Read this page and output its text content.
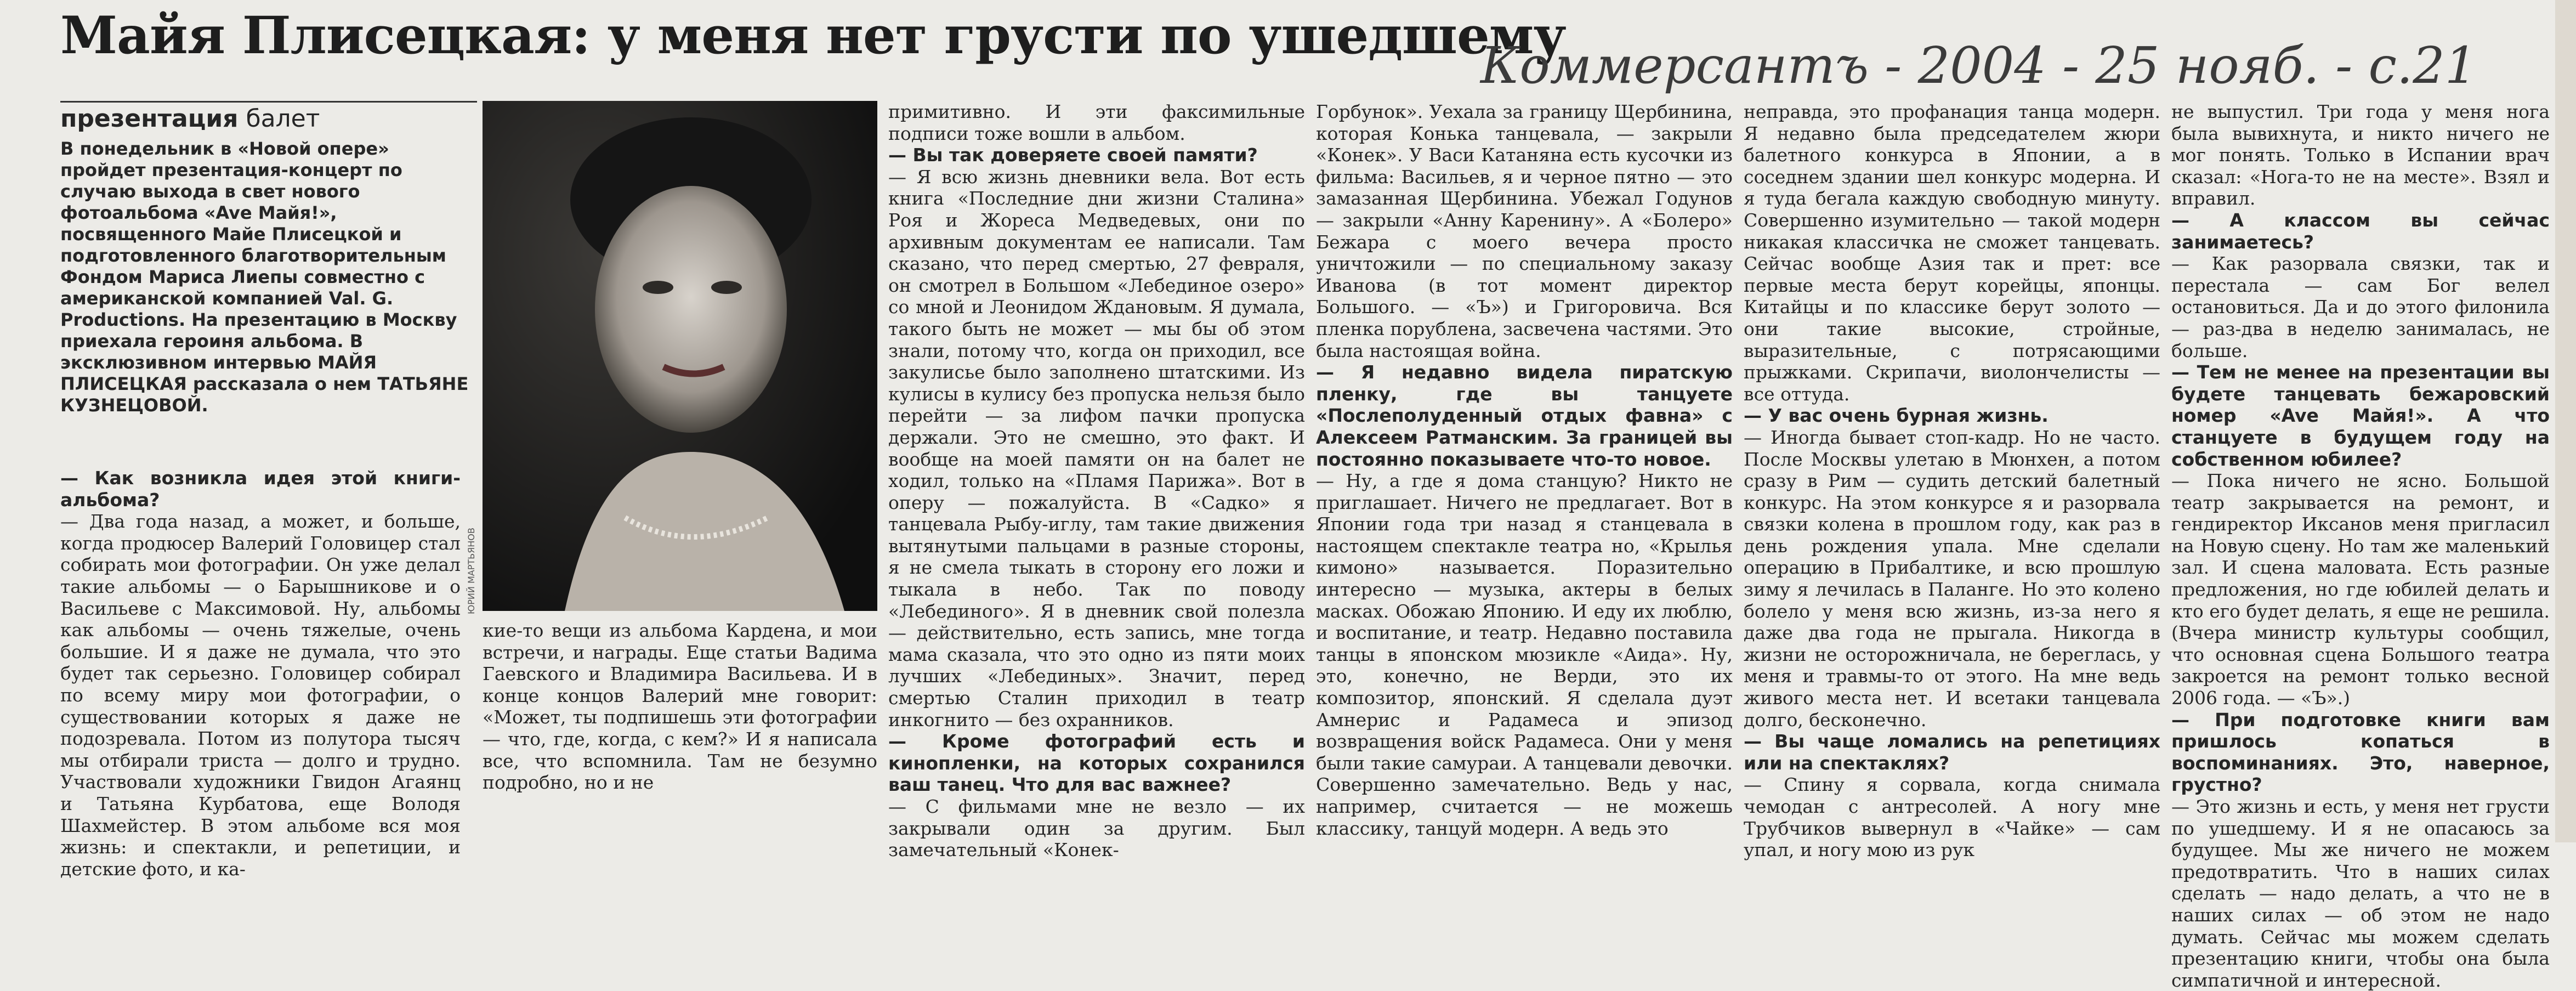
Майя Плисецкая: у меня нет грусти по ушедшему
Коммерсантъ - 2004 - 25 нояб. - с.21
презентация балет
В понедельник в «Новой опере» пройдет презентация-концерт по случаю выхода в свет нового фотоальбома «Ave Майя!», посвященного Майе Плисецкой и подготовленного благотворительным Фондом Мариса Лиепы совместно с американской компанией Val. G. Productions. На презентацию в Москву приехала героиня альбома. В эксклюзивном интервью МАЙЯ ПЛИСЕЦКАЯ рассказала о нем ТАТЬЯНЕ КУЗНЕЦОВОЙ.
ЮРИЙ МАРТЬЯНОВ

— Как возникла идея этой книги-альбома?

— Два года назад, а может, и больше, когда продюсер Валерий Головицер стал собирать мои фотографии. Он уже делал такие альбомы — о Барышникове и о Васильеве с Максимовой. Ну, альбомы как альбомы — очень тяжелые, очень большие. И я даже не думала, что это будет так серьезно. Головицер собирал по всему миру мои фотографии, о существовании которых я даже не подозревала. Потом из полутора тысяч мы отбирали триста — долго и трудно. Участвовали художники Гвидон Агаянц и Татьяна Курбатова, еще Володя Шахмейстер. В этом альбоме вся моя жизнь: и спектакли, и репетиции, и детские фото, и ка-

кие-то вещи из альбома Кардена, и мои встречи, и награды. Еще статьи Вадима Гаевского и Владимира Васильева. И в конце концов Валерий мне говорит: «Может, ты подпишешь эти фотографии — что, где, когда, с кем?» И я написала все, что вспомнила. Там не безумно подробно, но и не

примитивно. И эти факсимильные подписи тоже вошли в альбом.

— Вы так доверяете своей памяти?

— Я всю жизнь дневники вела. Вот есть книга «Последние дни жизни Сталина» Роя и Жореса Медведевых, они по архивным документам ее написали. Там сказано, что перед смертью, 27 февраля, он смотрел в Большом «Лебединое озеро» со мной и Леонидом Ждановым. Я думала, такого быть не может — мы бы об этом знали, потому что, когда он приходил, все закулисье было заполнено штатскими. Из кулисы в кулису без пропуска нельзя было перейти — за лифом пачки пропуска держали. Это не смешно, это факт. И вообще на моей памяти он на балет не ходил, только на «Пламя Парижа». Вот в оперу — пожалуйста. В «Садко» я танцевала Рыбу-иглу, там такие движения вытянутыми пальцами в разные стороны, я не смела тыкать в сторону его ложи и тыкала в небо. Так по поводу «Лебединого». Я в дневник свой полезла — действительно, есть запись, мне тогда мама сказала, что это одно из пяти моих лучших «Лебединых». Значит, перед смертью Сталин приходил в театр инкогнито — без охранников.

— Кроме фотографий есть и кинопленки, на которых сохранился ваш танец. Что для вас важнее?

— С фильмами мне не везло — их закрывали один за другим. Был замечательный «Конек-

Горбунок». Уехала за границу Щербинина, которая Конька танцевала, — закрыли «Конек». У Васи Катаняна есть кусочки из фильма: Васильев, я и черное пятно — это замазанная Щербинина. Убежал Годунов — закрыли «Анну Каренину». А «Болеро» Бежара с моего вечера просто уничтожили — по специальному заказу Иванова (в тот момент директор Большого. — «Ъ») и Григоровича. Вся пленка порублена, засвечена частями. Это была настоящая война.

— Я недавно видела пиратскую пленку, где вы танцуете «Послеполуденный отдых фавна» с Алексеем Ратманским. За границей вы постоянно показываете что-то новое.

— Ну, а где я дома станцую? Никто не приглашает. Ничего не предлагает. Вот в Японии года три назад я станцевала в настоящем спектакле театра но, «Крылья кимоно» называется. Поразительно интересно — музыка, актеры в белых масках. Обожаю Японию. И еду их люблю, и воспитание, и театр. Недавно поставила танцы в японском мюзикле «Аида». Ну, это, конечно, не Верди, это их композитор, японский. Я сделала дуэт Амнерис и Радамеса и эпизод возвращения войск Радамеса. Они у меня были такие самураи. А танцевали девочки. Совершенно замечательно. Ведь у нас, например, считается — не можешь классику, танцуй модерн. А ведь это

неправда, это профанация танца модерн. Я недавно была председателем жюри балетного конкурса в Японии, а в соседнем здании шел конкурс модерна. И я туда бегала каждую свободную минуту. Совершенно изумительно — такой модерн никакая классичка не сможет танцевать. Сейчас вообще Азия так и прет: все первые места берут корейцы, японцы. Китайцы и по классике берут золото — они такие высокие, стройные, выразительные, с потрясающими прыжками. Скрипачи, виолончелисты — все оттуда.

— У вас очень бурная жизнь.

— Иногда бывает стоп-кадр. Но не часто. После Москвы улетаю в Мюнхен, а потом сразу в Рим — судить детский балетный конкурс. На этом конкурсе я и разорвала связки колена в прошлом году, как раз в день рождения упала. Мне сделали операцию в Прибалтике, и всю прошлую зиму я лечилась в Паланге. Но это колено болело у меня всю жизнь, из-за него я даже два года не прыгала. Никогда в жизни не осторожничала, не береглась, у меня и травмы-то от этого. На мне ведь живого места нет. И всетаки танцевала долго, бесконечно.

— Вы чаще ломались на репетициях или на спектаклях?

— Спину я сорвала, когда снимала чемодан с антресолей. А ногу мне Трубчиков вывернул в «Чайке» — сам упал, и ногу мою из рук

не выпустил. Три года у меня нога была вывихнута, и никто ничего не мог понять. Только в Испании врач сказал: «Нога-то не на месте». Взял и вправил.

— А классом вы сейчас занимаетесь?

— Как разорвала связки, так и перестала — сам Бог велел остановиться. Да и до этого филонила — раз-два в неделю занималась, не больше.

— Тем не менее на презентации вы будете танцевать бежаровский номер «Ave Майя!». А что станцуете в будущем году на собственном юбилее?

— Пока ничего не ясно. Большой театр закрывается на ремонт, и гендиректор Иксанов меня пригласил на Новую сцену. Но там же маленький зал. И сцена маловата. Есть разные предложения, но где юбилей делать и кто его будет делать, я еще не решила. (Вчера министр культуры сообщил, что основная сцена Большого театра закроется на ремонт только весной 2006 года. — «Ъ».)

— При подготовке книги вам пришлось копаться в воспоминаниях. Это, наверное, грустно?

— Это жизнь и есть, у меня нет грусти по ушедшему. И я не опасаюсь за будущее. Мы же ничего не можем предотвратить. Что в наших силах сделать — надо делать, а что не в наших силах — об этом не надо думать. Сейчас мы можем сделать презентацию книги, чтобы она была симпатичной и интересной.
